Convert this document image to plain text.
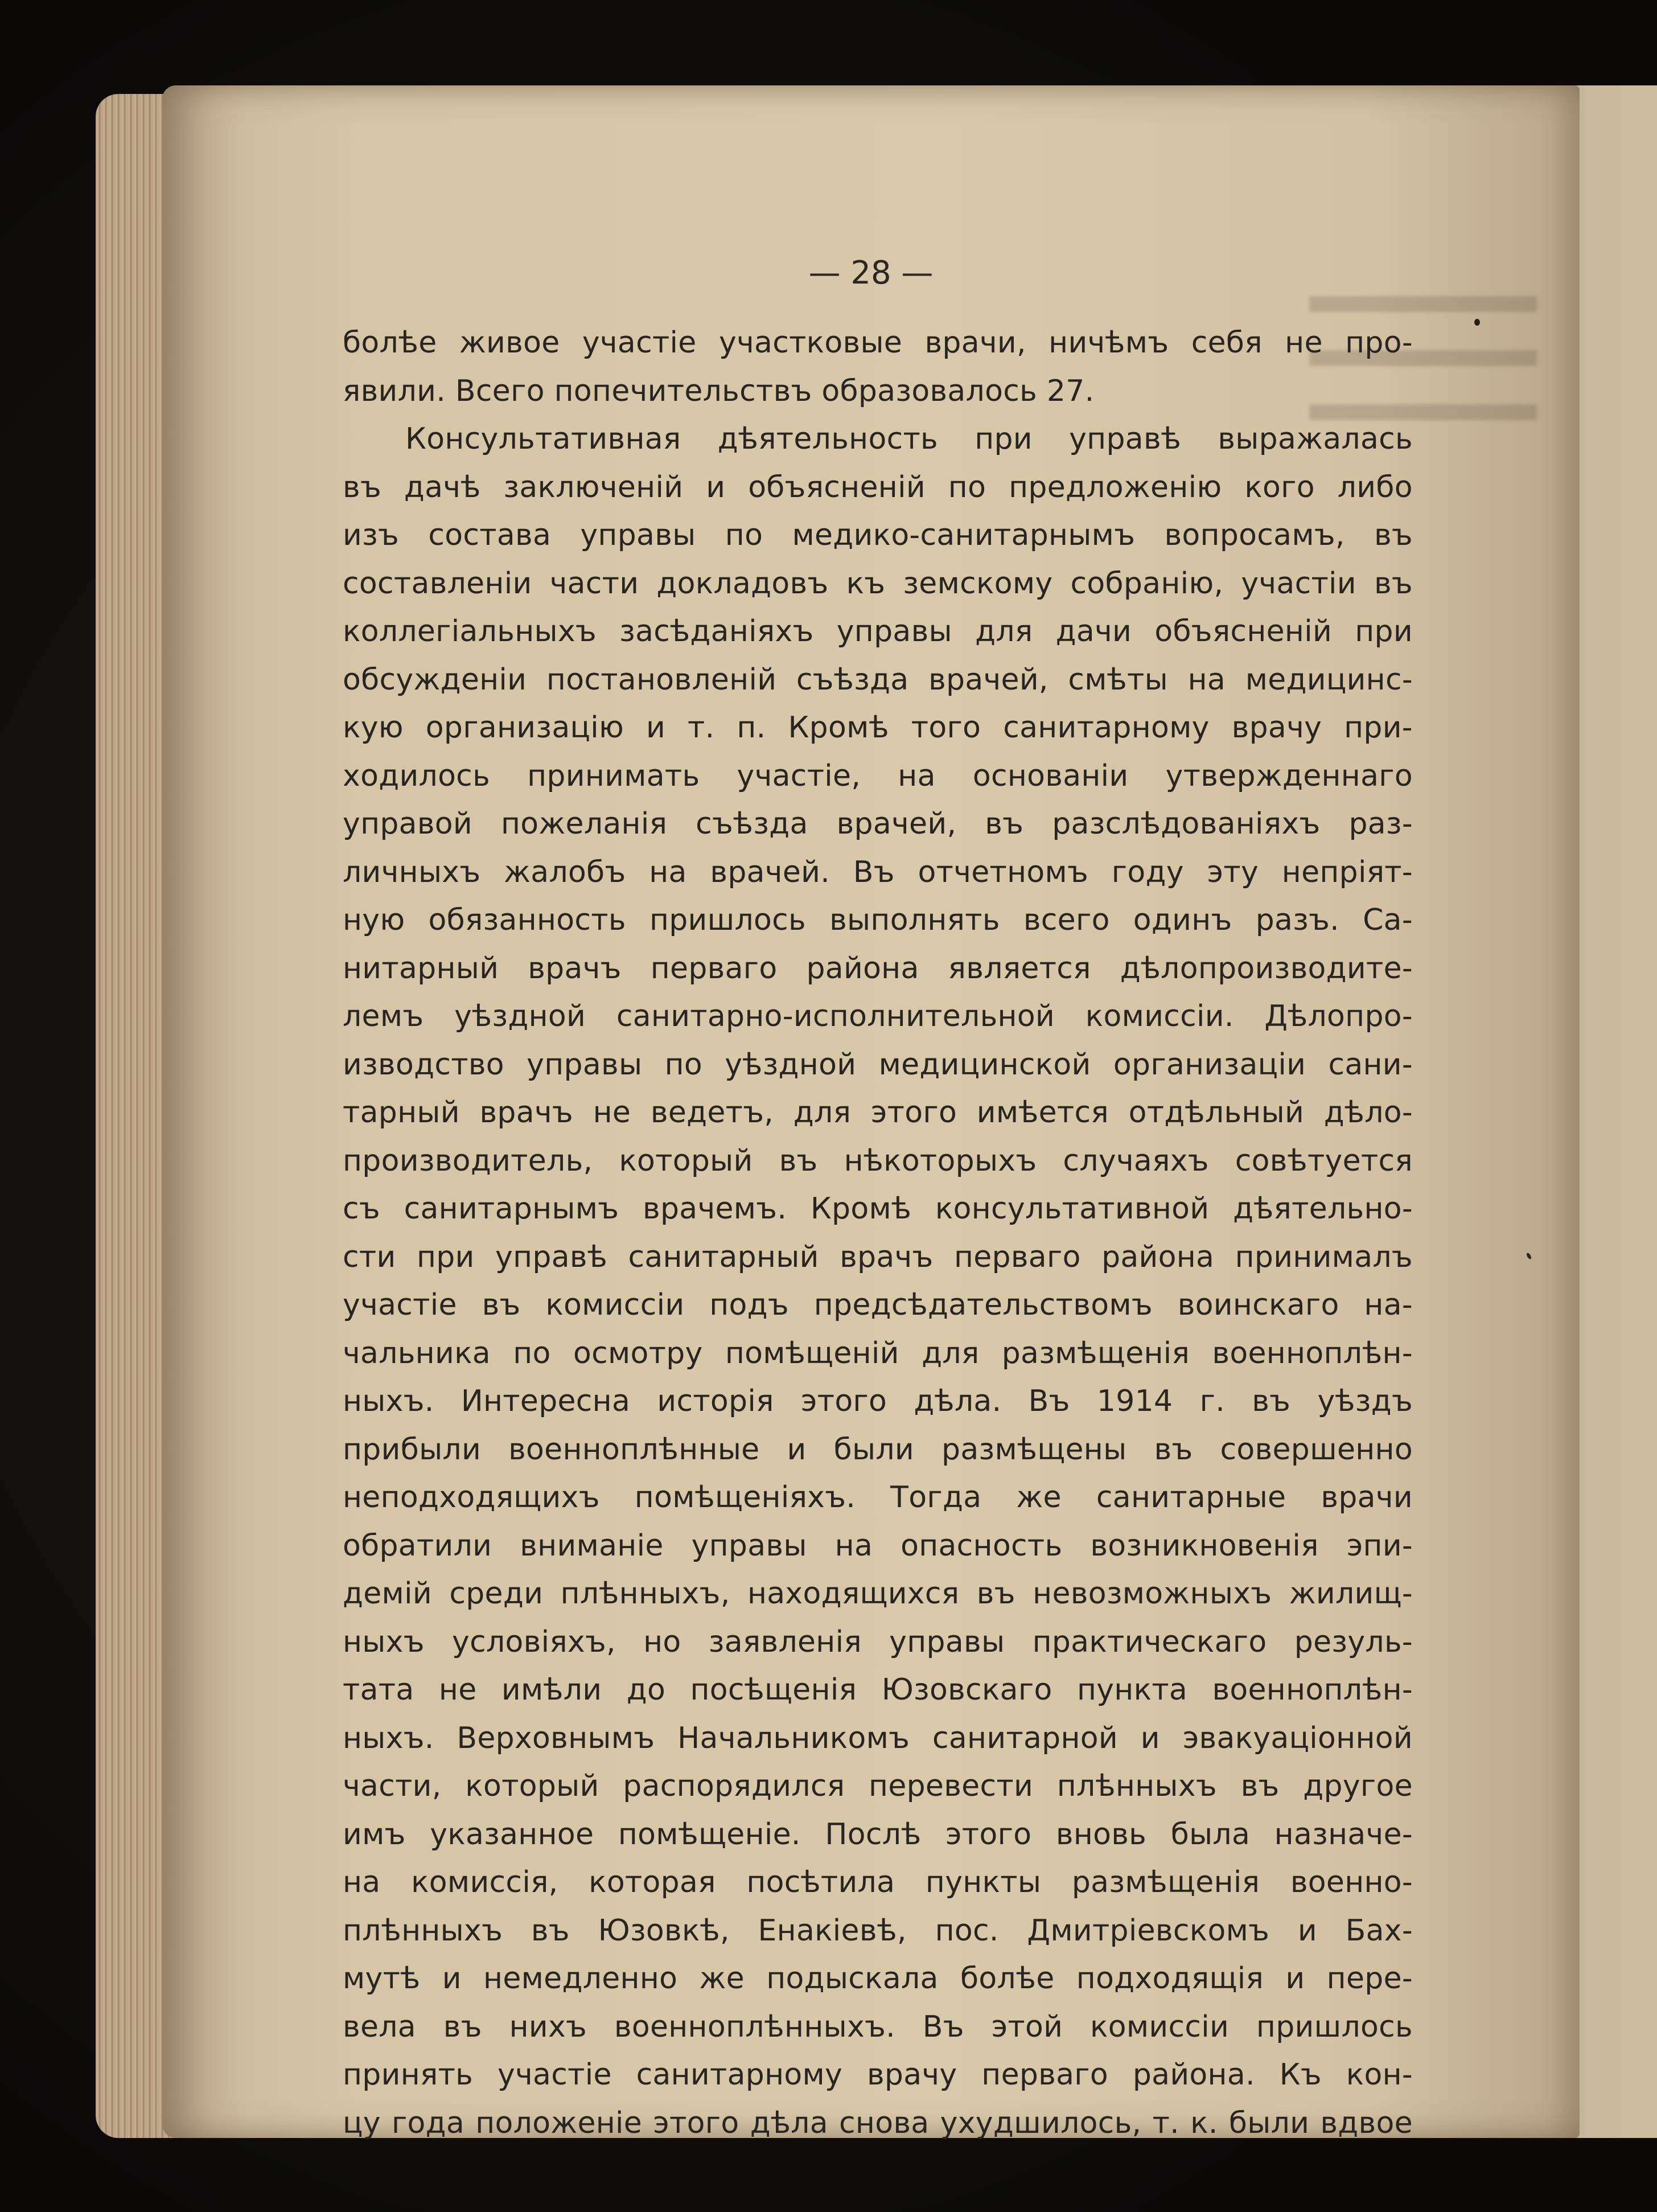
— 28 —
болѣе живое участіе участковые врачи, ничѣмъ себя не про-
явили. Всего попечительствъ образовалось 27.
Консультативная дѣятельность при управѣ выражалась
въ дачѣ заключеній и объясненій по предложенію кого либо
изъ состава управы по медико-санитарнымъ вопросамъ, въ
составленіи части докладовъ къ земскому собранію, участіи въ
коллегіальныхъ засѣданіяхъ управы для дачи объясненій при
обсужденіи постановленій съѣзда врачей, смѣты на медицинс-
кую организацію и т. п. Кромѣ того санитарному врачу при-
ходилось принимать участіе, на основаніи утвержденнаго
управой пожеланія съѣзда врачей, въ разслѣдованіяхъ раз-
личныхъ жалобъ на врачей. Въ отчетномъ году эту непріят-
ную обязанность пришлось выполнять всего одинъ разъ. Са-
нитарный врачъ перваго района является дѣлопроизводите-
лемъ уѣздной санитарно-исполнительной комиссіи. Дѣлопро-
изводство управы по уѣздной медицинской организаціи сани-
тарный врачъ не ведетъ, для этого имѣется отдѣльный дѣло-
производитель, который въ нѣкоторыхъ случаяхъ совѣтуется
съ санитарнымъ врачемъ. Кромѣ консультативной дѣятельно-
сти при управѣ санитарный врачъ перваго района принималъ
участіе въ комиссіи подъ предсѣдательствомъ воинскаго на-
чальника по осмотру помѣщеній для размѣщенія военноплѣн-
ныхъ. Интересна исторія этого дѣла. Въ 1914 г. въ уѣздъ
прибыли военноплѣнные и были размѣщены въ совершенно
неподходящихъ помѣщеніяхъ. Тогда же санитарные врачи
обратили вниманіе управы на опасность возникновенія эпи-
демій среди плѣнныхъ, находящихся въ невозможныхъ жилищ-
ныхъ условіяхъ, но заявленія управы практическаго резуль-
тата не имѣли до посѣщенія Юзовскаго пункта военноплѣн-
ныхъ. Верховнымъ Начальникомъ санитарной и эвакуаціонной
части, который распорядился перевести плѣнныхъ въ другое
имъ указанное помѣщеніе. Послѣ этого вновь была назначе-
на комиссія, которая посѣтила пункты размѣщенія военно-
плѣнныхъ въ Юзовкѣ, Енакіевѣ, пос. Дмитріевскомъ и Бах-
мутѣ и немедленно же подыскала болѣе подходящія и пере-
вела въ нихъ военноплѣнныхъ. Въ этой комиссіи пришлось
принять участіе санитарному врачу перваго района. Къ кон-
цу года положеніе этого дѣла снова ухудшилось, т. к. были вдвое
